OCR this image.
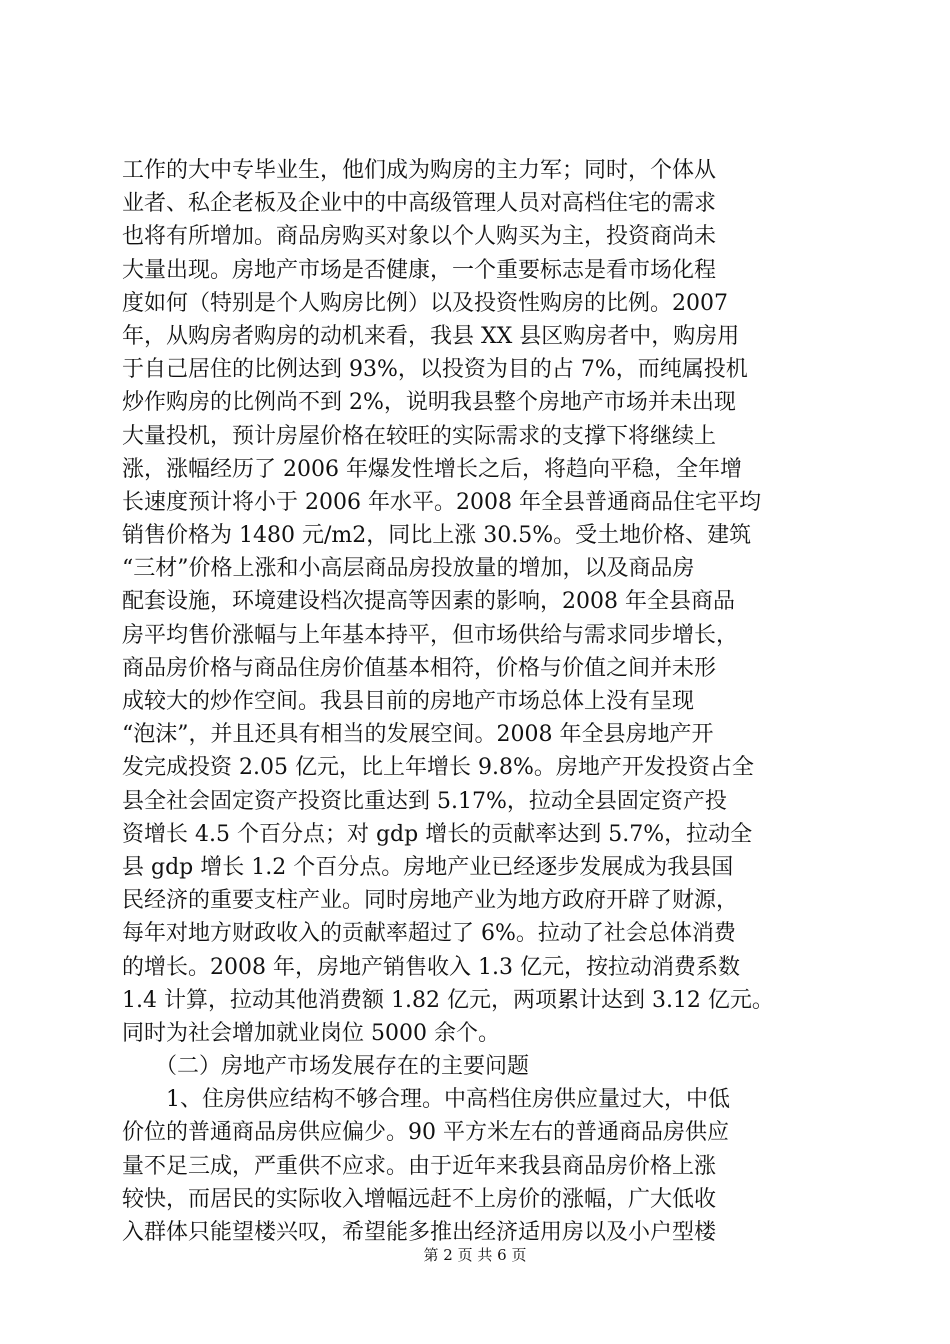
工作的大中专毕业生，他们成为购房的主力军；同时，个体从
业者、私企老板及企业中的中高级管理人员对高档住宅的需求
也将有所增加。商品房购买对象以个人购买为主，投资商尚未
大量出现。房地产市场是否健康，一个重要标志是看市场化程
度如何（特别是个人购房比例）以及投资性购房的比例。2007
年，从购房者购房的动机来看，我县 XX 县区购房者中，购房用
于自己居住的比例达到 93%，以投资为目的占 7%，而纯属投机
炒作购房的比例尚不到 2%，说明我县整个房地产市场并未出现
大量投机，预计房屋价格在较旺的实际需求的支撑下将继续上
涨，涨幅经历了 2006 年爆发性增长之后，将趋向平稳，全年增
长速度预计将小于 2006 年水平。2008 年全县普通商品住宅平均
销售价格为 1480 元/m2，同比上涨 30.5%。受土地价格、建筑
“三材”价格上涨和小高层商品房投放量的增加，以及商品房
配套设施，环境建设档次提高等因素的影响，2008 年全县商品
房平均售价涨幅与上年基本持平，但市场供给与需求同步增长，
商品房价格与商品住房价值基本相符，价格与价值之间并未形
成较大的炒作空间。我县目前的房地产市场总体上没有呈现
“泡沫”，并且还具有相当的发展空间。2008 年全县房地产开
发完成投资 2.05 亿元，比上年增长 9.8%。房地产开发投资占全
县全社会固定资产投资比重达到 5.17%，拉动全县固定资产投
资增长 4.5 个百分点；对 gdp 增长的贡献率达到 5.7%，拉动全
县 gdp 增长 1.2 个百分点。房地产业已经逐步发展成为我县国
民经济的重要支柱产业。同时房地产业为地方政府开辟了财源，
每年对地方财政收入的贡献率超过了 6%。拉动了社会总体消费
的增长。2008 年，房地产销售收入 1.3 亿元，按拉动消费系数
1.4 计算，拉动其他消费额 1.82 亿元，两项累计达到 3.12 亿元。
同时为社会增加就业岗位 5000 余个。
　　（二）房地产市场发展存在的主要问题
　　1、住房供应结构不够合理。中高档住房供应量过大，中低
价位的普通商品房供应偏少。90 平方米左右的普通商品房供应
量不足三成，严重供不应求。由于近年来我县商品房价格上涨
较快，而居民的实际收入增幅远赶不上房价的涨幅，广大低收
入群体只能望楼兴叹，希望能多推出经济适用房以及小户型楼
第 2 页 共 6 页
